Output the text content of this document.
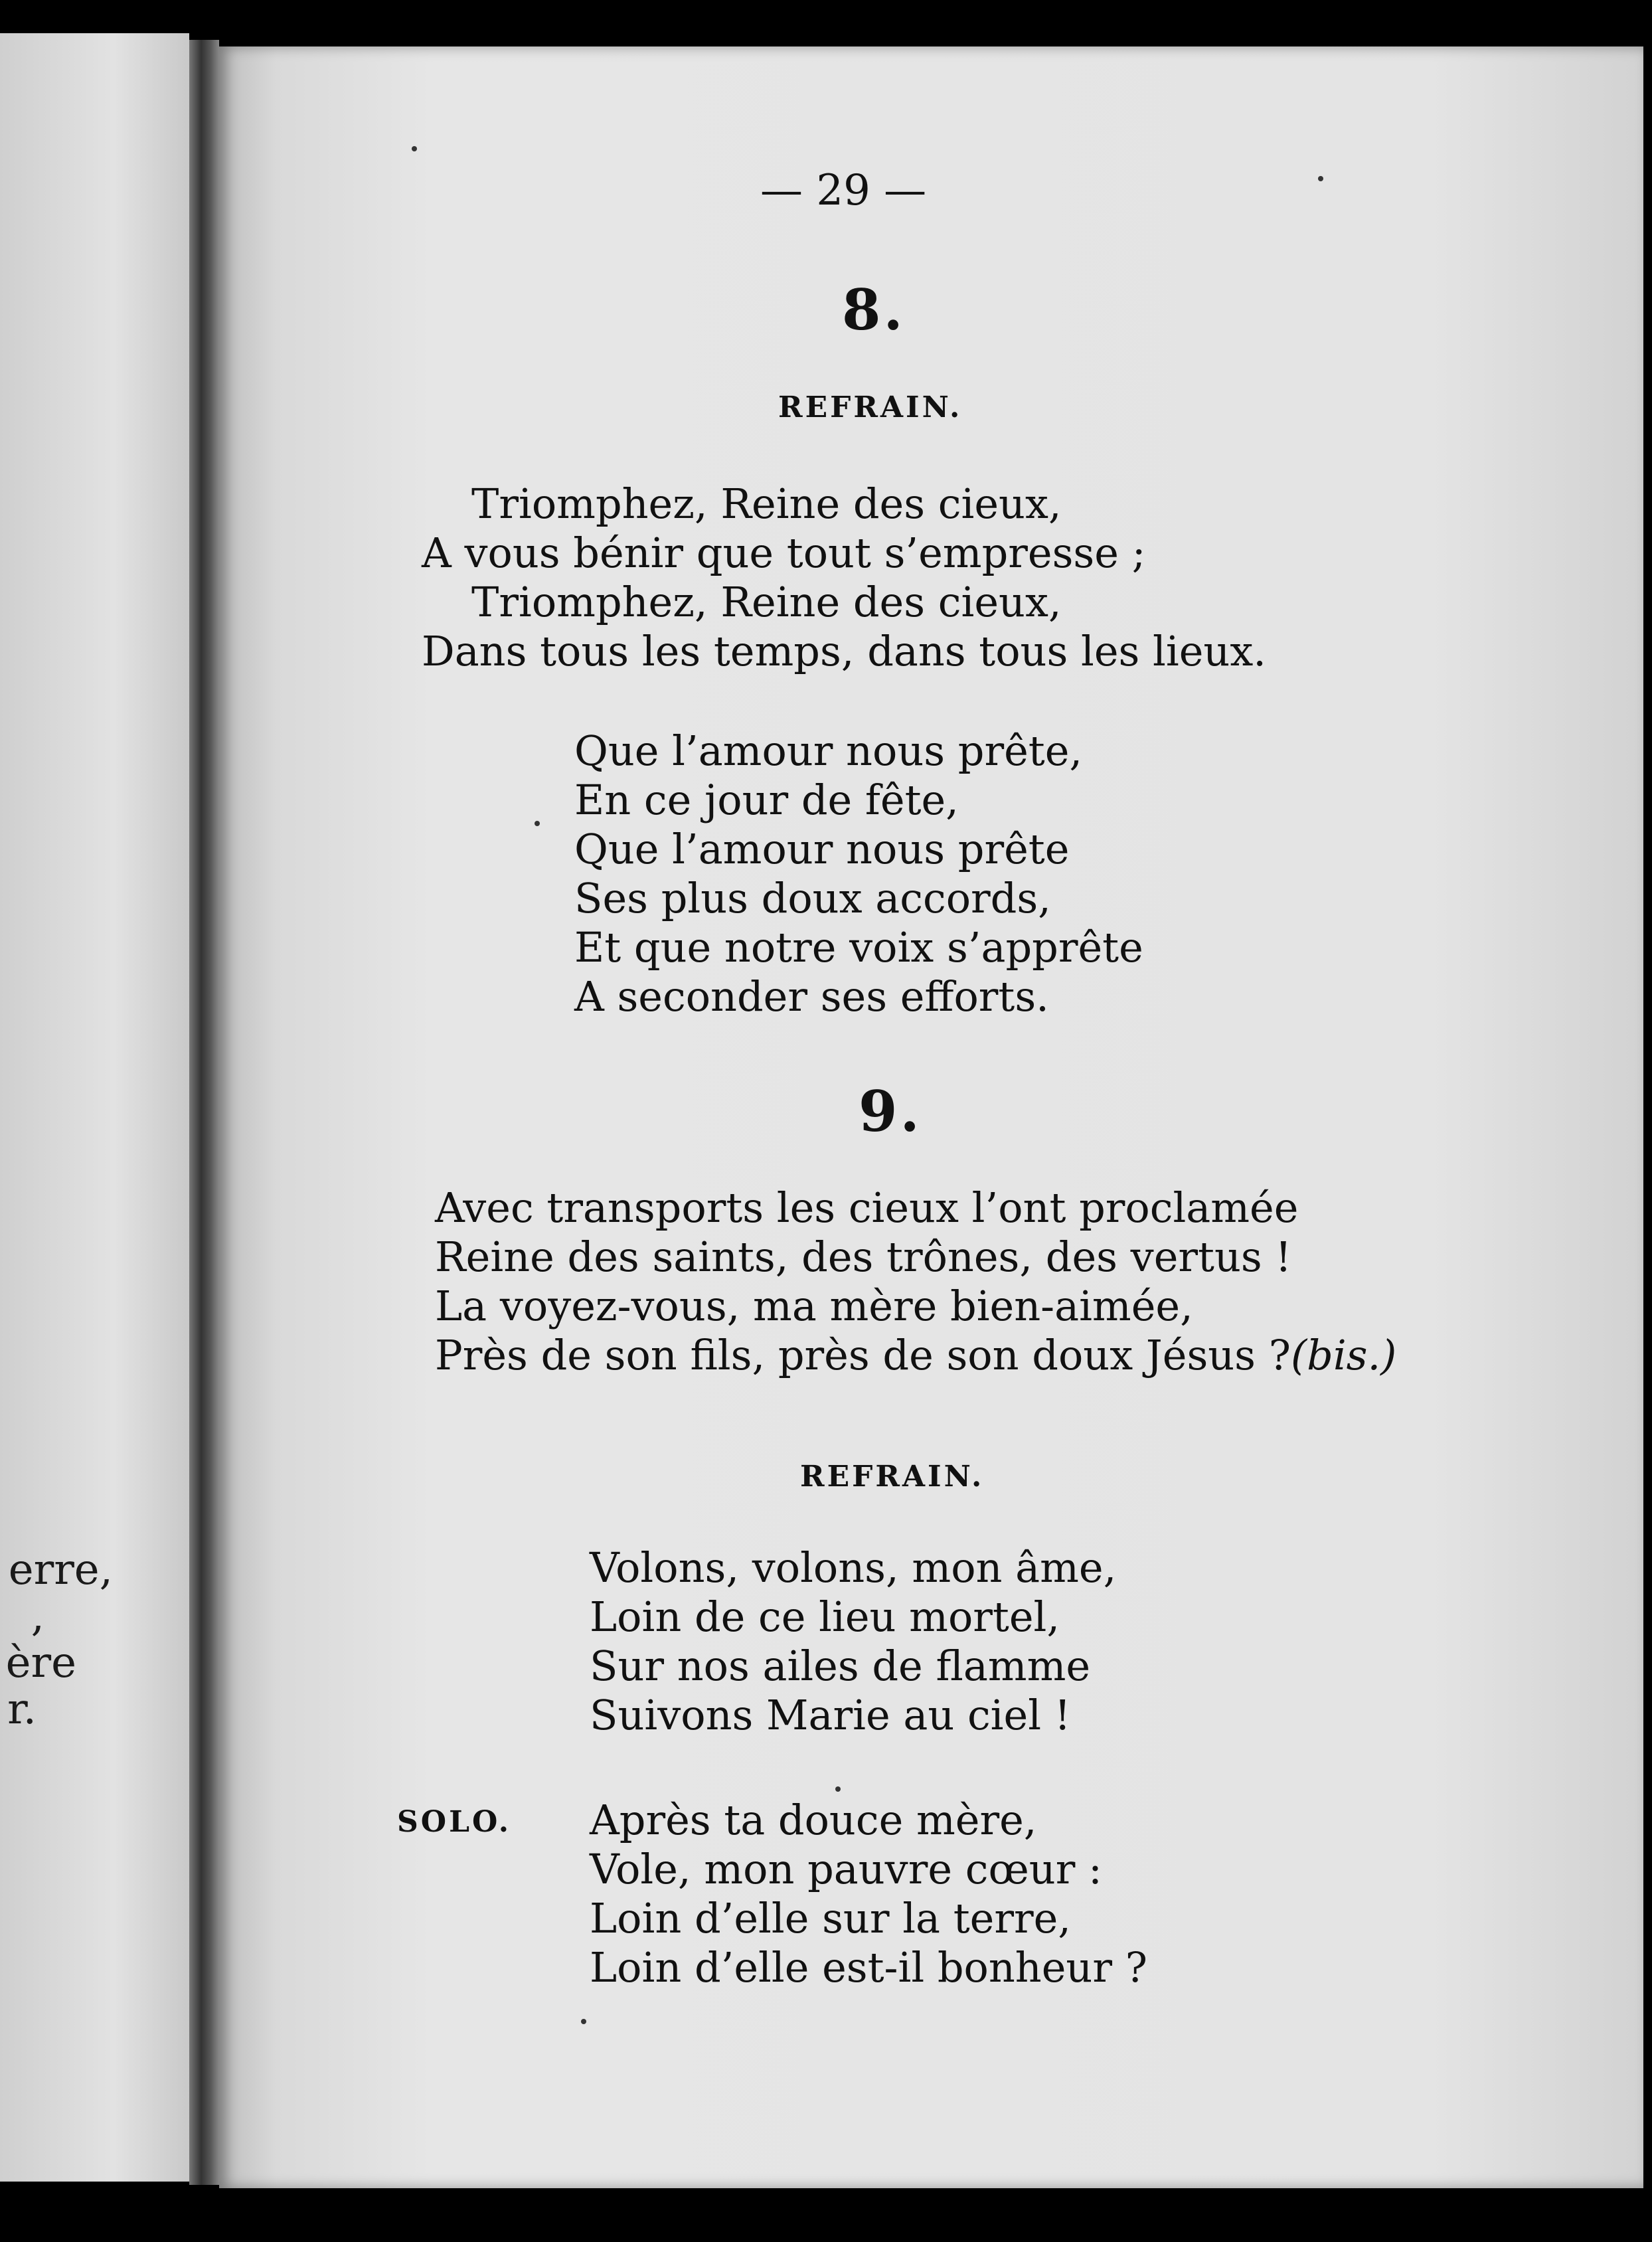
erre,
,
ère
r.
— 29 —
8.
REFRAIN.
Triomphez, Reine des cieux,
A vous bénir que tout s’empresse ;
Triomphez, Reine des cieux,
Dans tous les temps, dans tous les lieux.
Que l’amour nous prête,
En ce jour de fête,
Que l’amour nous prête
Ses plus doux accords,
Et que notre voix s’apprête
A seconder ses efforts.
9.
Avec transports les cieux l’ont proclamée
Reine des saints, des trônes, des vertus !
La voyez-vous, ma mère bien-aimée,
Près de son fils, près de son doux Jésus ?(bis.)
REFRAIN.
Volons, volons, mon âme,
Loin de ce lieu mortel,
Sur nos ailes de flamme
Suivons Marie au ciel !
SOLO. Après ta douce mère,
Vole, mon pauvre cœur :
Loin d’elle sur la terre,
Loin d’elle est-il bonheur ?
